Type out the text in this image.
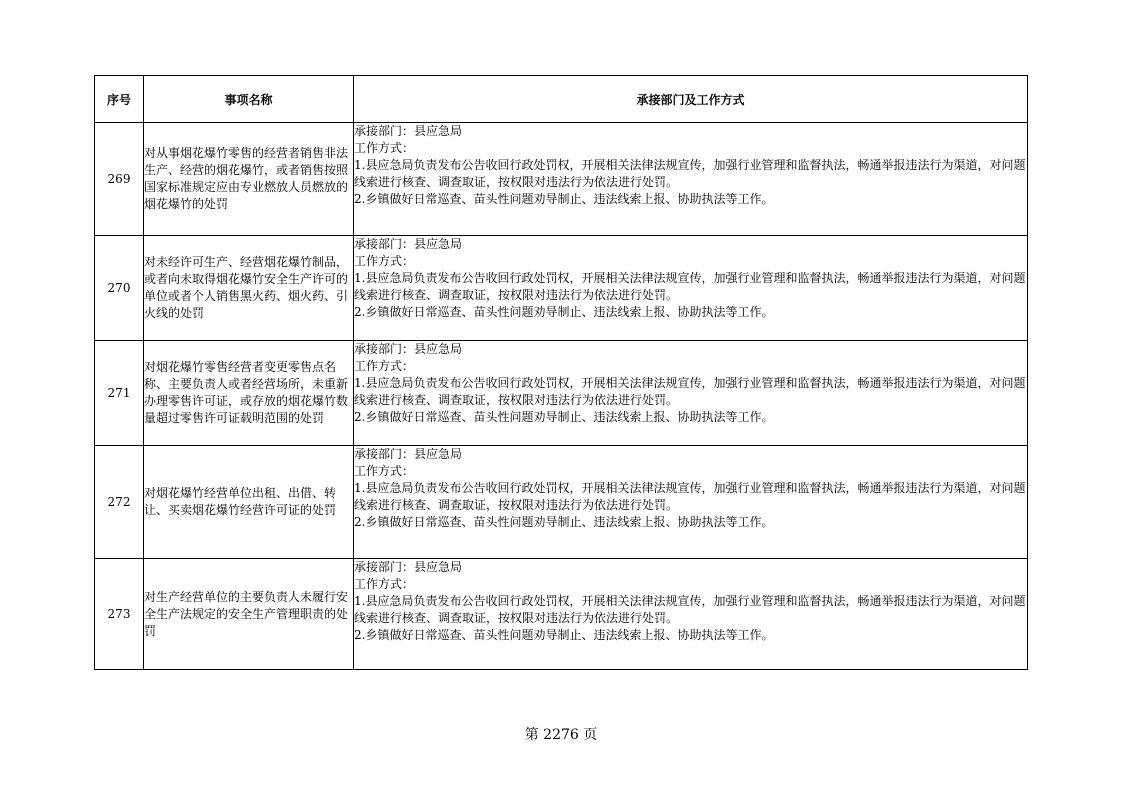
序号	事项名称	承接部门及工作方式
269	对从事烟花爆竹零售的经营者销售非法生产、经营的烟花爆竹，或者销售按照国家标准规定应由专业燃放人员燃放的烟花爆竹的处罚	承接部门：县应急局
工作方式：
1.县应急局负责发布公告收回行政处罚权，开展相关法律法规宣传，加强行业管理和监督执法，畅通举报违法行为渠道，对问题线索进行核查、调查取证，按权限对违法行为依法进行处罚。
2.乡镇做好日常巡查、苗头性问题劝导制止、违法线索上报、协助执法等工作。

270	对未经许可生产、经营烟花爆竹制品，或者向未取得烟花爆竹安全生产许可的单位或者个人销售黑火药、烟火药、引火线的处罚	承接部门：县应急局
工作方式：
1.县应急局负责发布公告收回行政处罚权，开展相关法律法规宣传，加强行业管理和监督执法，畅通举报违法行为渠道，对问题线索进行核查、调查取证，按权限对违法行为依法进行处罚。
2.乡镇做好日常巡查、苗头性问题劝导制止、违法线索上报、协助执法等工作。

271	对烟花爆竹零售经营者变更零售点名称、主要负责人或者经营场所，未重新办理零售许可证，或存放的烟花爆竹数量超过零售许可证载明范围的处罚	承接部门：县应急局
工作方式：
1.县应急局负责发布公告收回行政处罚权，开展相关法律法规宣传，加强行业管理和监督执法，畅通举报违法行为渠道，对问题线索进行核查、调查取证，按权限对违法行为依法进行处罚。
2.乡镇做好日常巡查、苗头性问题劝导制止、违法线索上报、协助执法等工作。

272	对烟花爆竹经营单位出租、出借、转让、买卖烟花爆竹经营许可证的处罚	承接部门：县应急局
工作方式：
1.县应急局负责发布公告收回行政处罚权，开展相关法律法规宣传，加强行业管理和监督执法，畅通举报违法行为渠道，对问题线索进行核查、调查取证，按权限对违法行为依法进行处罚。
2.乡镇做好日常巡查、苗头性问题劝导制止、违法线索上报、协助执法等工作。

273	对生产经营单位的主要负责人未履行安全生产法规定的安全生产管理职责的处罚	承接部门：县应急局
工作方式：
1.县应急局负责发布公告收回行政处罚权，开展相关法律法规宣传，加强行业管理和监督执法，畅通举报违法行为渠道，对问题线索进行核查、调查取证，按权限对违法行为依法进行处罚。
2.乡镇做好日常巡查、苗头性问题劝导制止、违法线索上报、协助执法等工作。
第 2276 页
